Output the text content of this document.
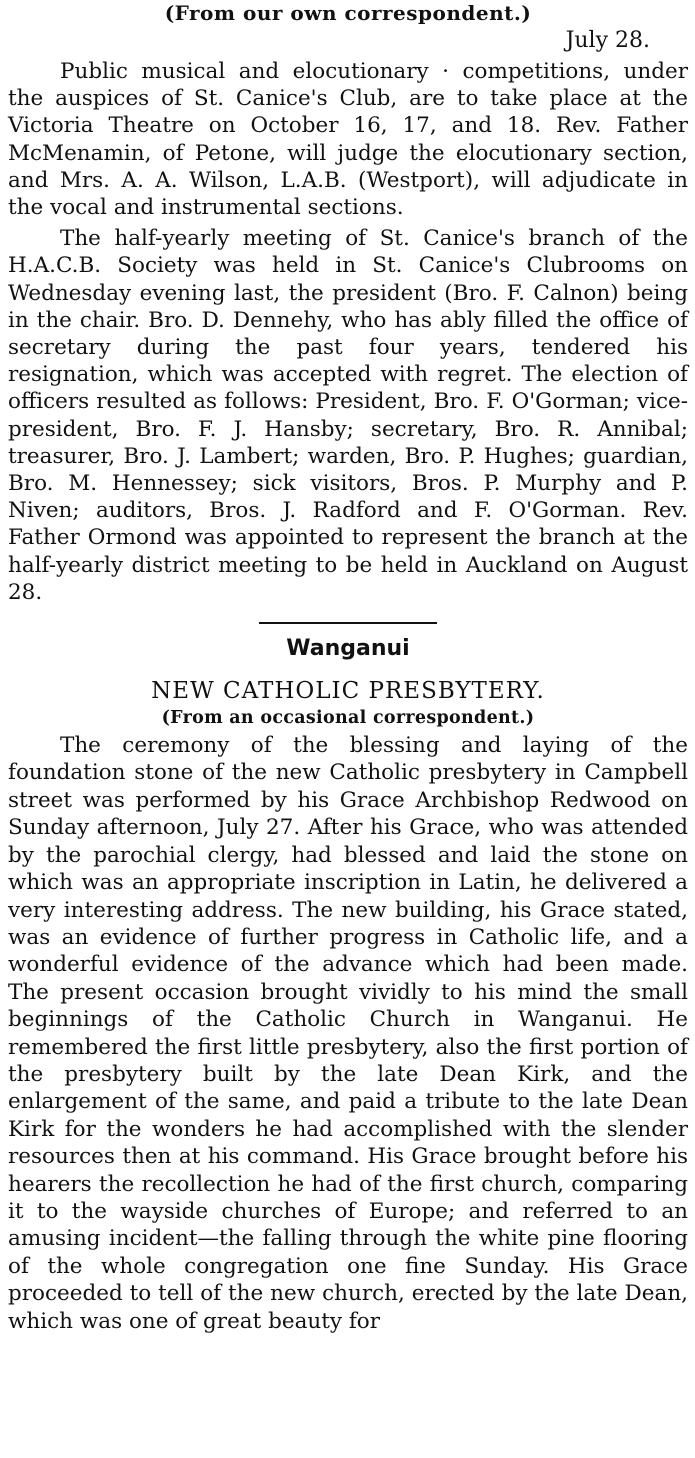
(From our own correspondent.)
July 28.

Public musical and elocutionary · competitions, under the auspices of St. Canice's Club, are to take place at the Victoria Theatre on October 16, 17, and 18. Rev. Father McMenamin, of Petone, will judge the elocutionary section, and Mrs. A. A. Wilson, L.A.B. (Westport), will adjudicate in the vocal and instrumental sections.

The half-yearly meeting of St. Canice's branch of the H.A.C.B. Society was held in St. Canice's Clubrooms on Wednesday evening last, the president (Bro. F. Calnon) being in the chair. Bro. D. Dennehy, who has ably filled the office of secretary during the past four years, tendered his resignation, which was accepted with regret. The election of officers resulted as follows: President, Bro. F. O'Gorman; vice-president, Bro. F. J. Hansby; secretary, Bro. R. Annibal; treasurer, Bro. J. Lambert; warden, Bro. P. Hughes; guardian, Bro. M. Hennessey; sick visitors, Bros. P. Murphy and P. Niven; auditors, Bros. J. Radford and F. O'Gorman. Rev. Father Ormond was appointed to represent the branch at the half-yearly district meeting to be held in Auckland on August 28.

Wanganui
NEW CATHOLIC PRESBYTERY.
(From an occasional correspondent.)

The ceremony of the blessing and laying of the foundation stone of the new Catholic presbytery in Campbell street was performed by his Grace Archbishop Redwood on Sunday afternoon, July 27. After his Grace, who was attended by the parochial clergy, had blessed and laid the stone on which was an appropriate inscription in Latin, he delivered a very interesting address. The new building, his Grace stated, was an evidence of further progress in Catholic life, and a wonderful evidence of the advance which had been made. The present occasion brought vividly to his mind the small beginnings of the Catholic Church in Wanganui. He remembered the first little presbytery, also the first portion of the presbytery built by the late Dean Kirk, and the enlargement of the same, and paid a tribute to the late Dean Kirk for the wonders he had accomplished with the slender resources then at his command. His Grace brought before his hearers the recollection he had of the first church, comparing it to the wayside churches of Europe; and referred to an amusing incident—the falling through the white pine flooring of the whole congregation one fine Sunday. His Grace proceeded to tell of the new church, erected by the late Dean, which was one of great beauty for
